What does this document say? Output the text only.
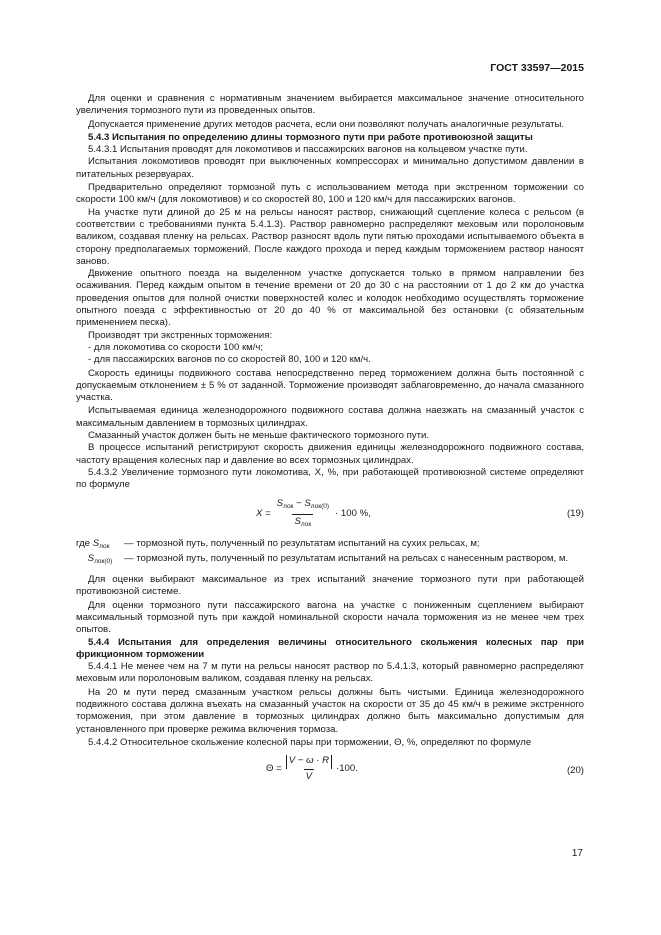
ГОСТ 33597—2015

Для оценки и сравнения с нормативным значением выбирается максимальное значение относительного увеличения тормозного пути из проведенных опытов.

Допускается применение других методов расчета, если они позволяют получать аналогичные результаты.

5.4.3 Испытания по определению длины тормозного пути при работе противоюзной защиты

5.4.3.1 Испытания проводят для локомотивов и пассажирских вагонов на кольцевом участке пути.

Испытания локомотивов проводят при выключенных компрессорах и минимально допустимом давлении в питательных резервуарах.

Предварительно определяют тормозной путь с использованием метода при экстренном торможении со скорости 100 км/ч (для локомотивов) и со скоростей 80, 100 и 120 км/ч для пассажирских вагонов.

На участке пути длиной до 25 м на рельсы наносят раствор, снижающий сцепление колеса с рельсом (в соответствии с требованиями пункта 5.4.1.3). Раствор равномерно распределяют меховым или поролоновым валиком, создавая пленку на рельсах. Раствор разносят вдоль пути пятью проходами испытываемого объекта в сторону предполагаемых торможений. После каждого прохода и перед каждым торможением раствор наносят заново.

Движение опытного поезда на выделенном участке допускается только в прямом направлении без осаживания. Перед каждым опытом в течение времени от 20 до 30 с на расстоянии от 1 до 2 км до участка проведения опытов для полной очистки поверхностей колес и колодок необходимо осуществлять торможение опытного поезда с эффективностью от 20 до 40 % от максимальной без остановки (с обязательным применением песка).

Производят три экстренных торможения:

- для локомотива со скорости 100 км/ч;

- для пассажирских вагонов по со скоростей 80, 100 и 120 км/ч.

Скорость единицы подвижного состава непосредственно перед торможением должна быть постоянной с допускаемым отклонением ± 5 % от заданной. Торможение производят заблаговременно, до начала смазанного участка.

Испытываемая единица железнодорожного подвижного состава должна наезжать на смазанный участок с максимальным давлением в тормозных цилиндрах.

Смазанный участок должен быть не меньше фактического тормозного пути.

В процессе испытаний регистрируют скорость движения единицы железнодорожного подвижного состава, частоту вращения колесных пар и давление во всех тормозных цилиндрах.

5.4.3.2 Увеличение тормозного пути локомотива, Х, %, при работающей противоюзной системе определяют по формуле

$X = \frac{S_{лок} - S_{лок(0)}}{S_{лок}} \cdot 100$ %,	(19)
где $S_{лок}$	— тормозной путь, полученный по результатам испытаний на сухих рельсах, м;
$S_{лок(0)}$	— тормозной путь, полученный по результатам испытаний на рельсах с нанесенным раствором, м.

Для оценки выбирают максимальное из трех испытаний значение тормозного пути при работающей противоюзной системе.

Для оценки тормозного пути пассажирского вагона на участке с пониженным сцеплением выбирают максимальный тормозной путь при каждой номинальной скорости начала торможения из не менее чем трех опытов.

5.4.4 Испытания для определения величины относительного скольжения колесных пар при фрикционном торможении

5.4.4.1 Не менее чем на 7 м пути на рельсы наносят раствор по 5.4.1.3, который равномерно распределяют меховым или поролоновым валиком, создавая пленку на рельсах.

На 20 м пути перед смазанным участком рельсы должны быть чистыми. Единица железнодорожного подвижного состава должна въехать на смазанный участок на скорости от 35 до 45 км/ч в режиме экстренного торможения, при этом давление в тормозных цилиндрах должно быть максимально допустимым для установленного при проверке режима включения тормоза.

5.4.4.2 Относительное скольжение колесной пары при торможении, Θ, %, определяют по формуле

$\Theta = \frac{V - \omega \cdot R}{V} \cdot 100$.	(20)
17
